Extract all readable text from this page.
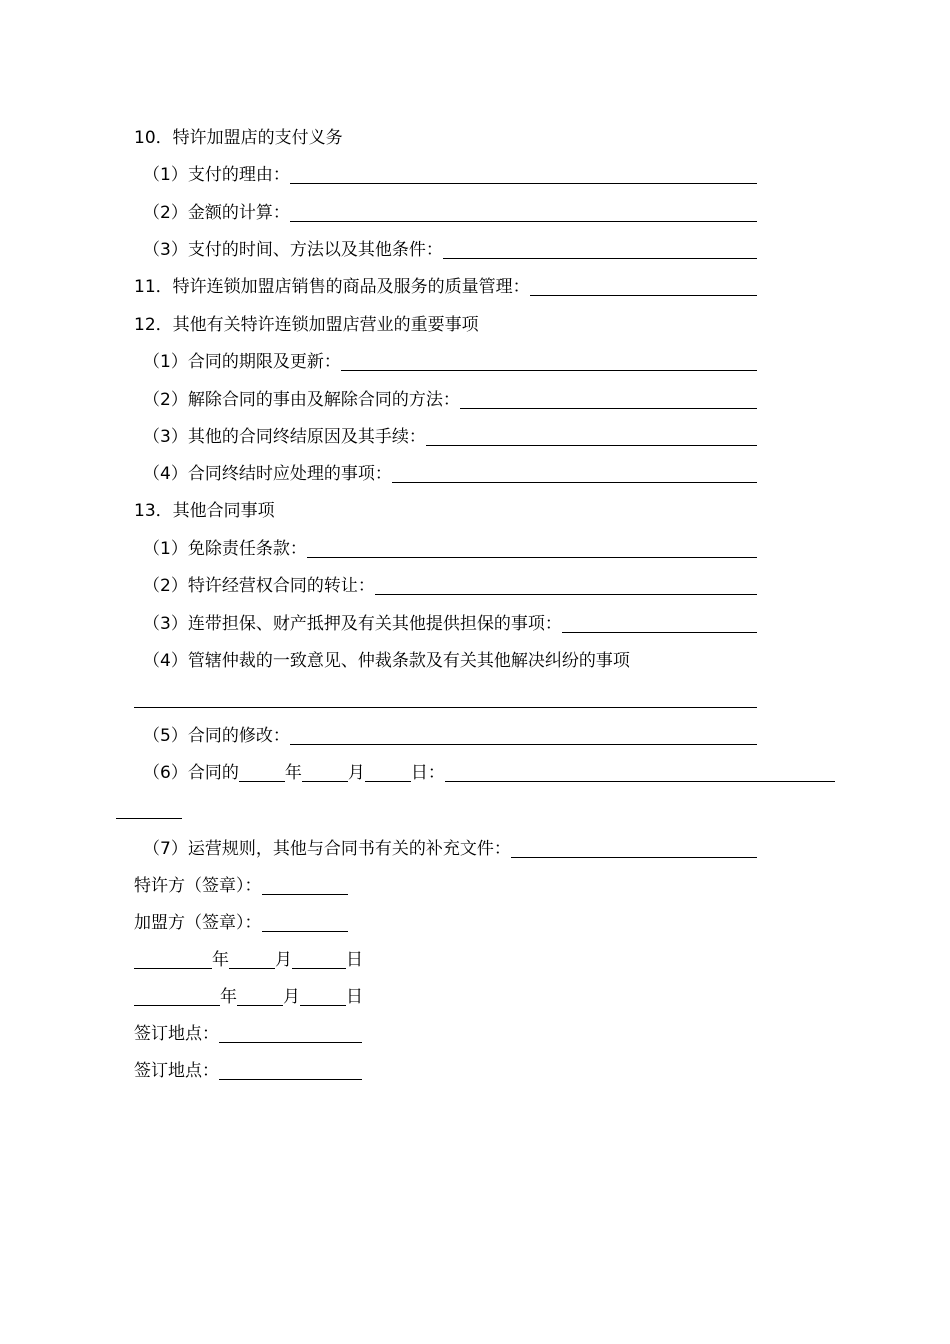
10．特许加盟店的支付义务
（1）支付的理由：
（2）金额的计算：
（3）支付的时间、方法以及其他条件：
11．特许连锁加盟店销售的商品及服务的质量管理：
12．其他有关特许连锁加盟店营业的重要事项
（1）合同的期限及更新：
（2）解除合同的事由及解除合同的方法：
（3）其他的合同终结原因及其手续：
（4）合同终结时应处理的事项：
13．其他合同事项
（1）免除责任条款：
（2）特许经营权合同的转让：
（3）连带担保、财产抵押及有关其他提供担保的事项：
（4）管辖仲裁的一致意见、仲裁条款及有关其他解决纠纷的事项
（5）合同的修改：
（6）合同的	年	月	日：
（7）运营规则，其他与合同书有关的补充文件：
特许方（签章）：
加盟方（签章）：
年	月	日
年	月	日
签订地点：
签订地点：
